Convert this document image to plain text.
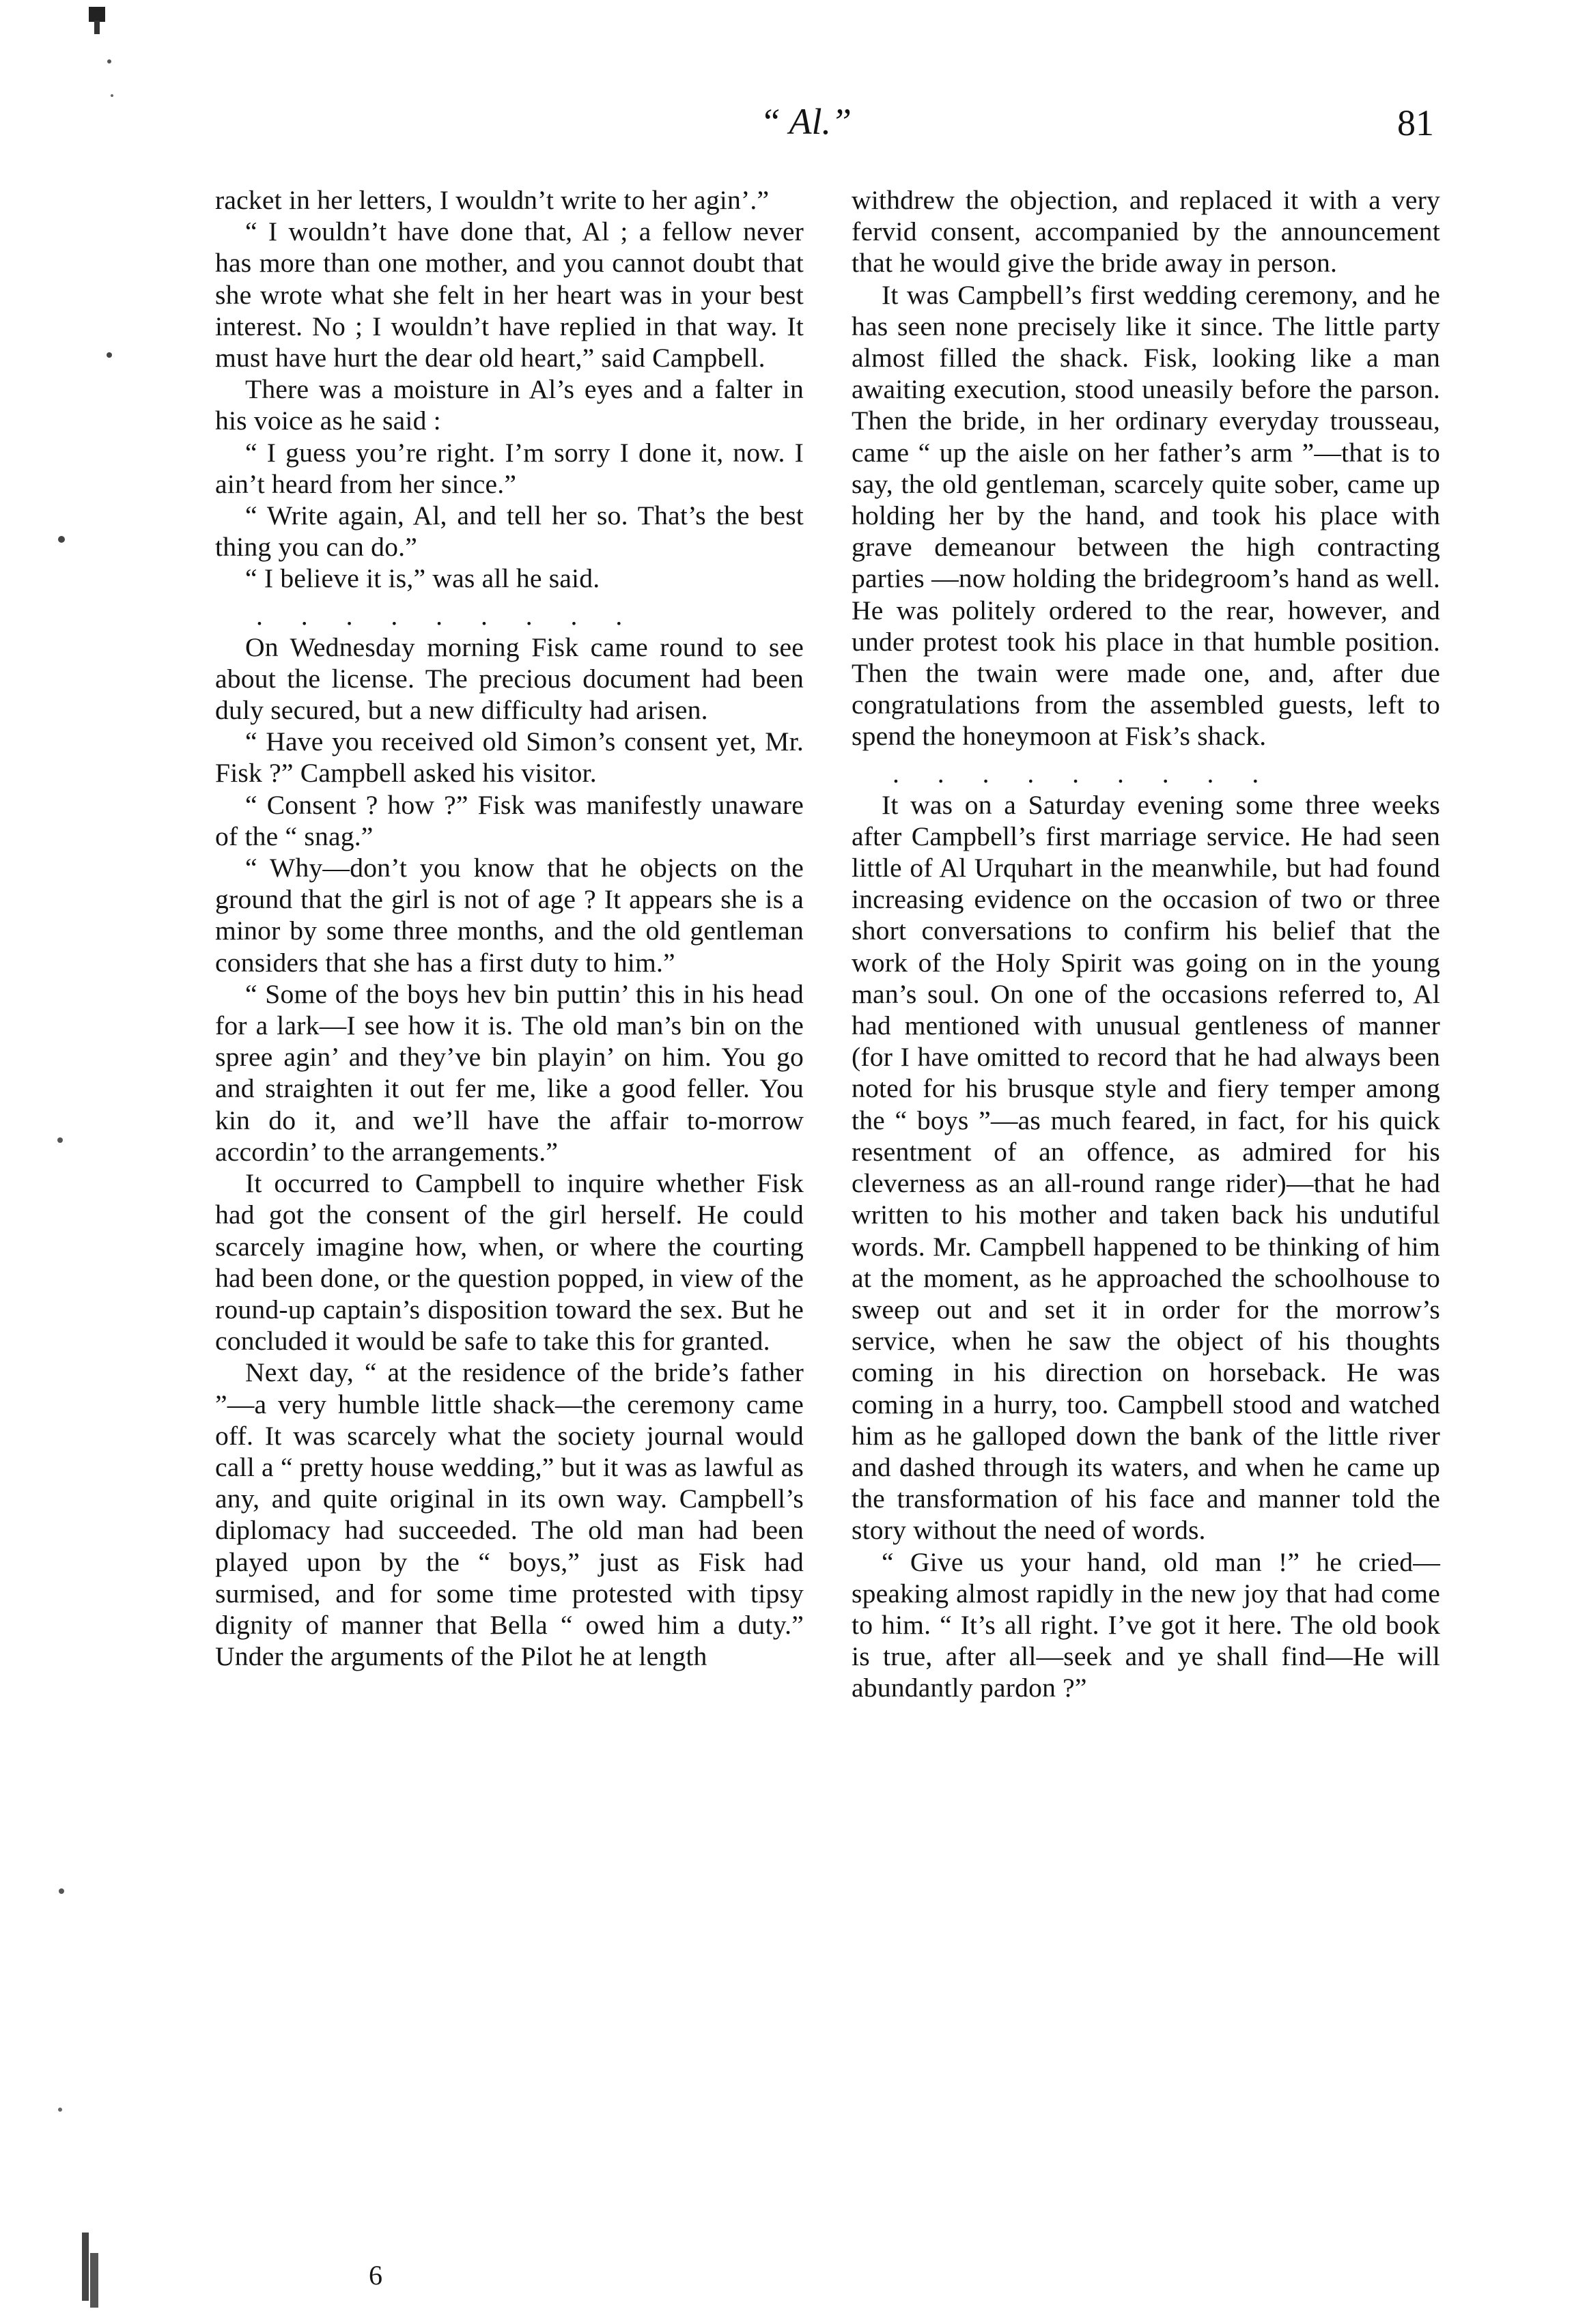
“ Al.”	81

racket in her letters, I wouldn’t write to her agin’.”

“ I wouldn’t have done that, Al ; a fellow never has more than one mother, and you cannot doubt that she wrote what she felt in her heart was in your best interest. No ; I wouldn’t have replied in that way. It must have hurt the dear old heart,” said Campbell.

There was a moisture in Al’s eyes and a falter in his voice as he said :

“ I guess you’re right. I’m sorry I done it, now. I ain’t heard from her since.”

“ Write again, Al, and tell her so. That’s the best thing you can do.”

“ I believe it is,” was all he said.

. . . . . . . . .

On Wednesday morning Fisk came round to see about the license. The precious document had been duly secured, but a new difficulty had arisen.

“ Have you received old Simon’s consent yet, Mr. Fisk ?” Campbell asked his visitor.

“ Consent ? how ?” Fisk was manifestly unaware of the “ snag.”

“ Why—don’t you know that he objects on the ground that the girl is not of age ? It appears she is a minor by some three months, and the old gentleman considers that she has a first duty to him.”

“ Some of the boys hev bin puttin’ this in his head for a lark—I see how it is. The old man’s bin on the spree agin’ and they’ve bin playin’ on him. You go and straighten it out fer me, like a good feller. You kin do it, and we’ll have the affair to-morrow accordin’ to the arrangements.”

It occurred to Campbell to inquire whether Fisk had got the consent of the girl herself. He could scarcely imagine how, when, or where the courting had been done, or the question popped, in view of the round-up captain’s disposition toward the sex. But he concluded it would be safe to take this for granted.

Next day, “ at the residence of the bride’s father ”—a very humble little shack—the ceremony came off. It was scarcely what the society journal would call a “ pretty house wedding,” but it was as lawful as any, and quite original in its own way. Campbell’s diplomacy had succeeded. The old man had been played upon by the “ boys,” just as Fisk had surmised, and for some time protested with tipsy dignity of manner that Bella “ owed him a duty.” Under the arguments of the Pilot he at length

withdrew the objection, and replaced it with a very fervid consent, accompanied by the announcement that he would give the bride away in person.

It was Campbell’s first wedding ceremony, and he has seen none precisely like it since. The little party almost filled the shack. Fisk, looking like a man awaiting execution, stood uneasily before the parson. Then the bride, in her ordinary everyday trousseau, came “ up the aisle on her father’s arm ”—that is to say, the old gentleman, scarcely quite sober, came up holding her by the hand, and took his place with grave demeanour between the high contracting parties —now holding the bridegroom’s hand as well. He was politely ordered to the rear, however, and under protest took his place in that humble position. Then the twain were made one, and, after due congratulations from the assembled guests, left to spend the honeymoon at Fisk’s shack.

. . . . . . . . .

It was on a Saturday evening some three weeks after Campbell’s first marriage service. He had seen little of Al Urquhart in the meanwhile, but had found increasing evidence on the occasion of two or three short conversations to confirm his belief that the work of the Holy Spirit was going on in the young man’s soul. On one of the occasions referred to, Al had mentioned with unusual gentleness of manner (for I have omitted to record that he had always been noted for his brusque style and fiery temper among the “ boys ”—as much feared, in fact, for his quick resentment of an offence, as admired for his cleverness as an all-round range rider)—that he had written to his mother and taken back his undutiful words. Mr. Campbell happened to be thinking of him at the moment, as he approached the schoolhouse to sweep out and set it in order for the morrow’s service, when he saw the object of his thoughts coming in his direction on horseback. He was coming in a hurry, too. Campbell stood and watched him as he galloped down the bank of the little river and dashed through its waters, and when he came up the transformation of his face and manner told the story without the need of words.

“ Give us your hand, old man !” he cried—speaking almost rapidly in the new joy that had come to him. “ It’s all right. I’ve got it here. The old book is true, after all—seek and ye shall find—He will abundantly pardon ?”

6
